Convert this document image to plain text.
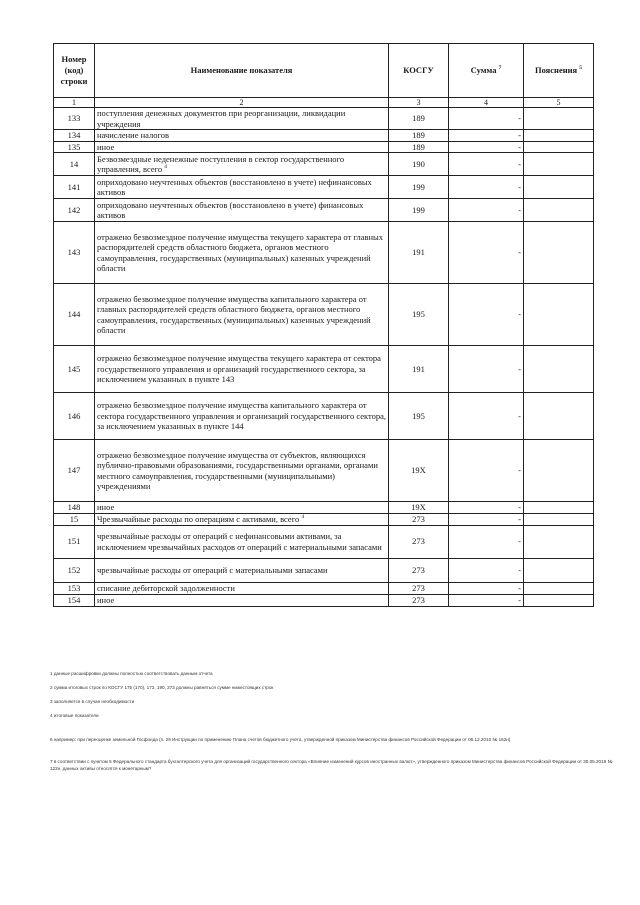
Номер (код) строки	Наименование показателя	КОСГУ	Сумма $^7$	Пояснения $^5$
1	2	3	4	5
133	поступления денежных документов при реорганизации, ликвидации учреждения	189	-	
134	начисление налогов	189	-	
135	иное	189	-	
14	Безвозмездные неденежные поступления в сектор государственного управления, всего $^4$	190	-	
141	оприходовано неучтенных объектов (восстановлено в учете) нефинансовых активов	199	-	
142	оприходовано неучтенных объектов (восстановлено в учете) финансовых активов	199	-	
143	отражено безвозмездное получение имущества текущего характера от главных распорядителей средств областного бюджета, органов местного самоуправления, государственных (муниципальных) казенных учреждений области	191	-	
144	отражено безвозмездное получение имущества капитального характера от главных распорядителей средств областного бюджета, органов местного самоуправления, государственных (муниципальных) казенных учреждений области	195	-	
145	отражено безвозмездное получение имущества текущего характера от сектора государственного управления и организаций государственного сектора, за исключением указанных в пункте 143	191	-	
146	отражено безвозмездное получение имущества капитального характера от сектора государственного управления и организаций государственного сектора, за исключением указанных в пункте 144	195	-	
147	отражено безвозмездное получение имущества от субъектов, являющихся публично-правовыми образованиями, государственными органами, органами местного самоуправления, государственными (муниципальными) учреждениями	19Х	-	
148	иное	19Х	-	
15	Чрезвычайные расходы по операциям с активами, всего $^4$	273	-	
151	чрезвычайные расходы от операций с нефинансовыми активами, за исключением чрезвычайных расходов от операций с материальными запасами	273	-	
152	чрезвычайные расходы от операций с материальными запасами	273	-	
153	списание дебиторской задолженности	273	-	
154	иное	273	-	
1 данные расшифровки должны полностью соответствовать данным отчета
2 сумма итоговых строк по КОСГУ 175 (170), 173, 190, 273 должны равняться сумме нижестоящих строк
3 заполняется в случае необходимости
4 итоговые показатели
6 например: при переоценке земельной Госфонда (п. 29 Инструкции по применению Плана счетов бюджетного учета, утвержденной приказом Министерства финансов Российской Федерации от 06.12.2010 № 162н)
7 в соответствии с пунктом 5 Федерального стандарта бухгалтерского учета для организаций государственного сектора «Влияние изменений курсов иностранных валют», утвержденного приказом Министерства финансов Российской Федерации от 30.05.2018 № 122н, данных активы относятся к монетарным?
